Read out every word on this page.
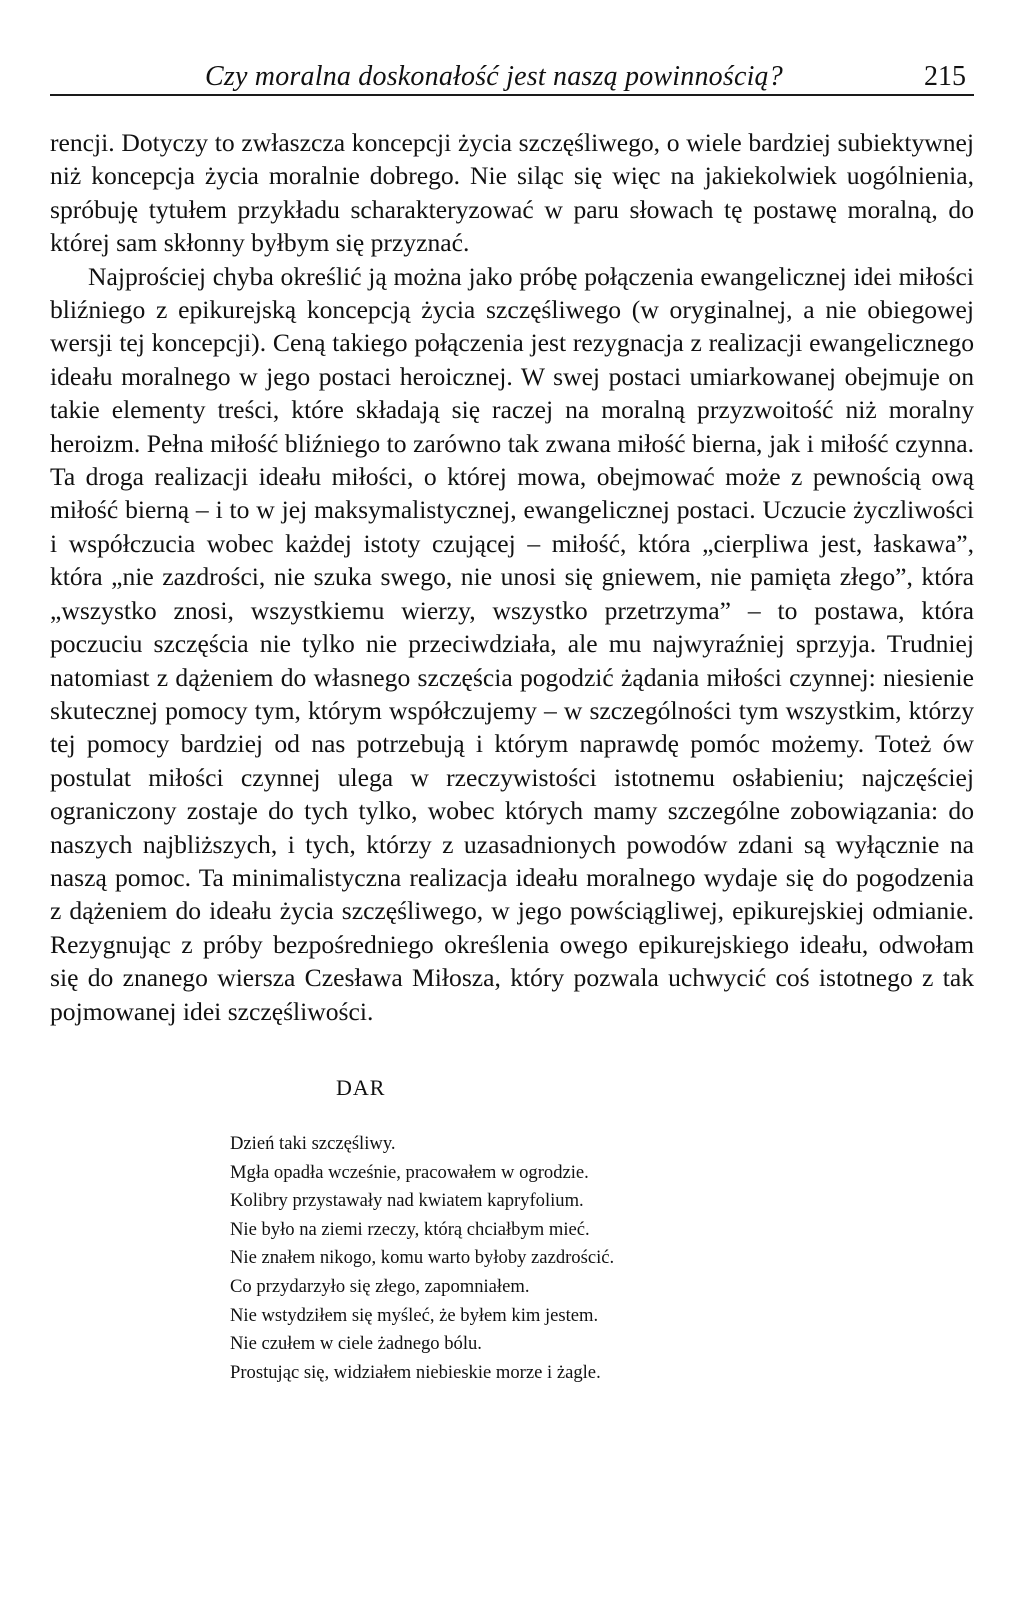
Czy moralna doskonałość jest naszą powinnością?	215

rencji. Dotyczy to zwłaszcza koncepcji życia szczęśliwego, o wiele bardziej subiektywnej niż koncepcja życia moralnie dobrego. Nie siląc się więc na jakiekolwiek uogólnienia, spróbuję tytułem przykładu scharakteryzować w paru słowach tę postawę moralną, do której sam skłonny byłbym się przyznać.

Najprościej chyba określić ją można jako próbę połączenia ewangelicznej idei miłości bliźniego z epikurejską koncepcją życia szczęśliwego (w oryginalnej, a nie obiegowej wersji tej koncepcji). Ceną takiego połączenia jest rezygnacja z realizacji ewangelicznego ideału moralnego w jego postaci heroicznej. W swej postaci umiarkowanej obejmuje on takie elementy treści, które składają się raczej na moralną przyzwoitość niż moralny heroizm. Pełna miłość bliźniego to zarówno tak zwana miłość bierna, jak i miłość czynna. Ta droga realizacji ideału miłości, o której mowa, obejmować może z pewnością ową miłość bierną – i to w jej maksymalistycznej, ewangelicznej postaci. Uczucie życzliwości i współczucia wobec każdej istoty czującej – miłość, która „cierpliwa jest, łaskawa”, która „nie zazdrości, nie szuka swego, nie unosi się gniewem, nie pamięta złego”, która „wszystko znosi, wszystkiemu wierzy, wszystko przetrzyma” – to postawa, która poczuciu szczęścia nie tylko nie przeciwdziała, ale mu najwyraźniej sprzyja. Trudniej natomiast z dążeniem do własnego szczęścia pogodzić żądania miłości czynnej: niesienie skutecznej pomocy tym, którym współczujemy – w szczególności tym wszystkim, którzy tej pomocy bardziej od nas potrzebują i którym naprawdę pomóc możemy. Toteż ów postulat miłości czynnej ulega w rzeczywistości istotnemu osłabieniu; najczęściej ograniczony zostaje do tych tylko, wobec których mamy szczególne zobowiązania: do naszych najbliższych, i tych, którzy z uzasadnionych powodów zdani są wyłącznie na naszą pomoc. Ta minimalistyczna realizacja ideału moralnego wydaje się do pogodzenia z dążeniem do ideału życia szczęśliwego, w jego powściągliwej, epikurejskiej odmianie. Rezygnując z próby bezpośredniego określenia owego epikurejskiego ideału, odwołam się do znanego wiersza Czesława Miłosza, który pozwala uchwycić coś istotnego z tak pojmowanej idei szczęśliwości.

DAR
Dzień taki szczęśliwy.
Mgła opadła wcześnie, pracowałem w ogrodzie.
Kolibry przystawały nad kwiatem kapryfolium.
Nie było na ziemi rzeczy, którą chciałbym mieć.
Nie znałem nikogo, komu warto byłoby zazdrościć.
Co przydarzyło się złego, zapomniałem.
Nie wstydziłem się myśleć, że byłem kim jestem.
Nie czułem w ciele żadnego bólu.
Prostując się, widziałem niebieskie morze i żagle.
